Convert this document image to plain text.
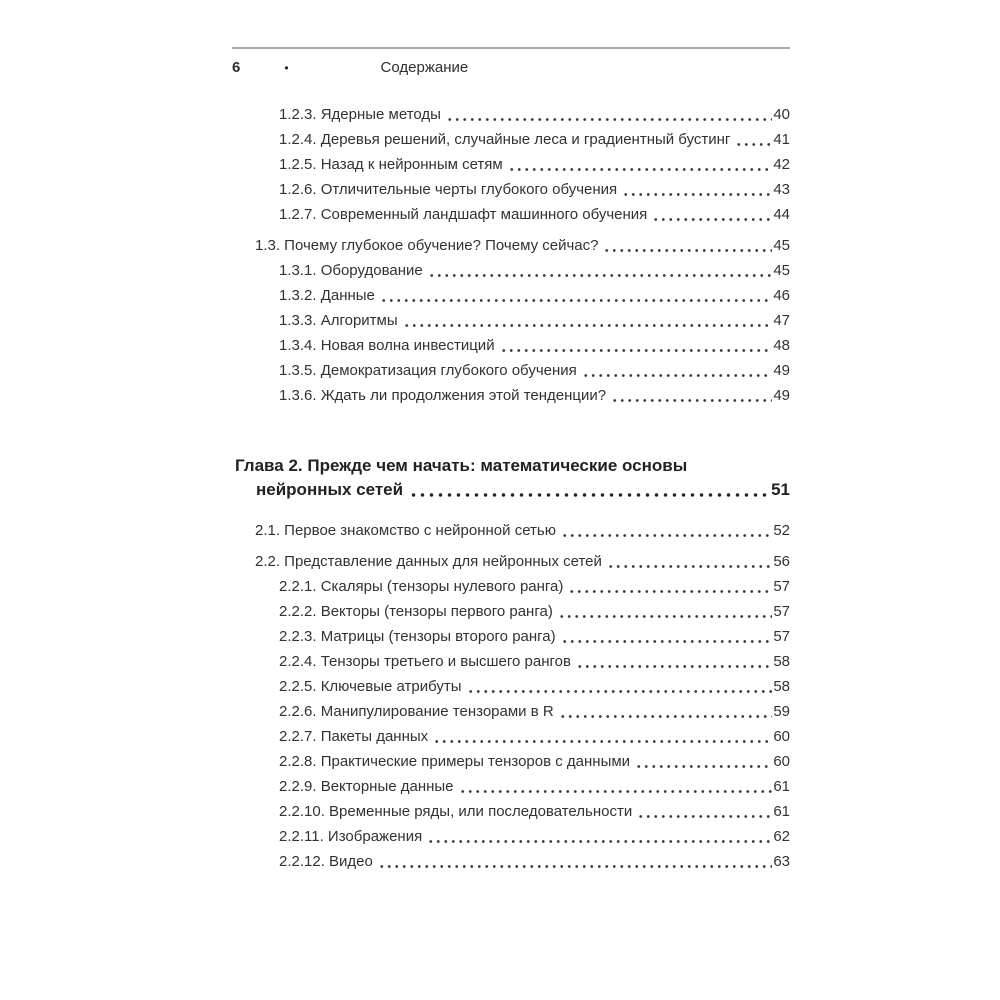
6	•	Содержание
1.2.3. Ядерные методы	40
1.2.4. Деревья решений, случайные леса и градиентный бустинг	41
1.2.5. Назад к нейронным сетям	42
1.2.6. Отличительные черты глубокого обучения	43
1.2.7. Современный ландшафт машинного обучения	44
1.3. Почему глубокое обучение? Почему сейчас?	45
1.3.1. Оборудование	45
1.3.2. Данные	46
1.3.3. Алгоритмы	47
1.3.4. Новая волна инвестиций	48
1.3.5. Демократизация глубокого обучения	49
1.3.6. Ждать ли продолжения этой тенденции?	49
Глава 2. Прежде чем начать: математические основы
нейронных сетей	51
2.1. Первое знакомство с нейронной сетью	52
2.2. Представление данных для нейронных сетей	56
2.2.1. Скаляры (тензоры нулевого ранга)	57
2.2.2. Векторы (тензоры первого ранга)	57
2.2.3. Матрицы (тензоры второго ранга)	57
2.2.4. Тензоры третьего и высшего рангов	58
2.2.5. Ключевые атрибуты	58
2.2.6. Манипулирование тензорами в R	59
2.2.7. Пакеты данных	60
2.2.8. Практические примеры тензоров с данными	60
2.2.9. Векторные данные	61
2.2.10. Временные ряды, или последовательности	61
2.2.11. Изображения	62
2.2.12. Видео	63
